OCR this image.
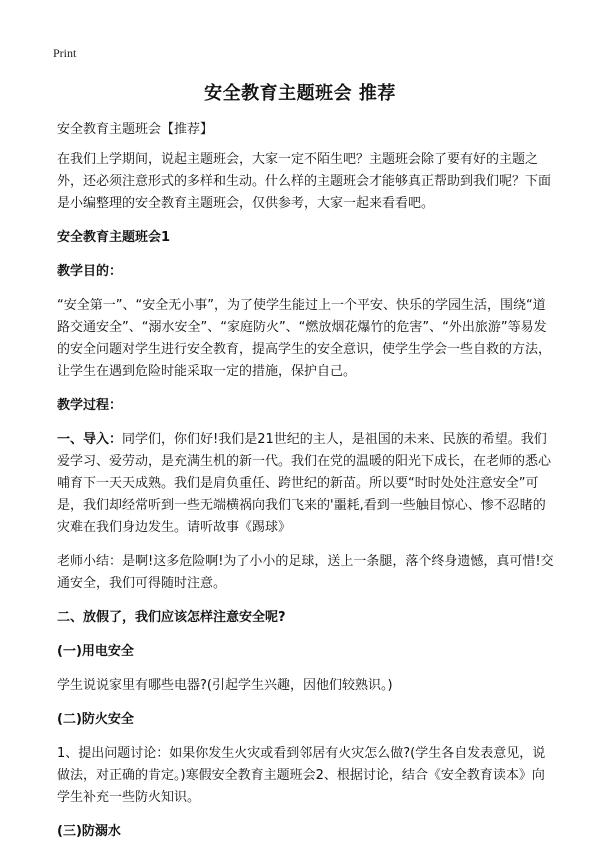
Print
安全教育主题班会 推荐

安全教育主题班会【推荐】

在我们上学期间，说起主题班会，大家一定不陌生吧？主题班会除了要有好的主题之外，还必须注意形式的多样和生动。什么样的主题班会才能够真正帮助到我们呢？下面是小编整理的安全教育主题班会，仅供参考，大家一起来看看吧。

安全教育主题班会1

教学目的：

“安全第一”、“安全无小事”，为了使学生能过上一个平安、快乐的学园生活，围绕“道路交通安全”、“溺水安全”、“家庭防火”、“燃放烟花爆竹的危害”、“外出旅游”等易发的安全问题对学生进行安全教育，提高学生的安全意识，使学生学会一些自救的方法，让学生在遇到危险时能采取一定的措施，保护自己。

教学过程：

一、导入：同学们，你们好!我们是21世纪的主人，是祖国的未来、民族的希望。我们爱学习、爱劳动，是充满生机的新一代。我们在党的温暖的阳光下成长，在老师的悉心哺育下一天天成熟。我们是肩负重任、跨世纪的新苗。所以要“时时处处注意安全”可是，我们却经常听到一些无端横祸向我们飞来的'噩耗,看到一些触目惊心、惨不忍睹的灾难在我们身边发生。请听故事《踢球》

老师小结：是啊!这多危险啊!为了小小的足球，送上一条腿，落个终身遗憾，真可惜!交通安全，我们可得随时注意。

二、放假了，我们应该怎样注意安全呢?

(一)用电安全

学生说说家里有哪些电器?(引起学生兴趣，因他们较熟识。)

(二)防火安全

1、提出问题讨论：如果你发生火灾或看到邻居有火灾怎么做?(学生各自发表意见，说做法，对正确的肯定。)寒假安全教育主题班会2、根据讨论，结合《安全教育读本》向学生补充一些防火知识。

(三)防溺水
